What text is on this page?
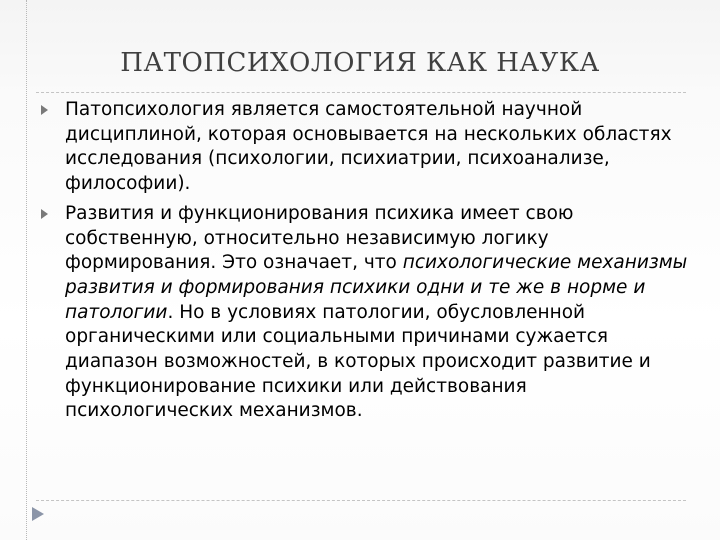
ПАТОПСИХОЛОГИЯ КАК НАУКА
Патопсихология является самостоятельной научной дисциплиной, которая основывается на нескольких областях исследования (психологии, психиатрии, психоанализе, философии).
Развития и функционирования психика имеет свою собственную, относительно независимую логику формирования. Это означает, что психологические механизмы развития и формирования психики одни и те же в норме и патологии. Но в условиях патологии, обусловленной органическими или социальными причинами сужается диапазон возможностей, в которых происходит развитие и функционирование психики или действования психологических механизмов.
